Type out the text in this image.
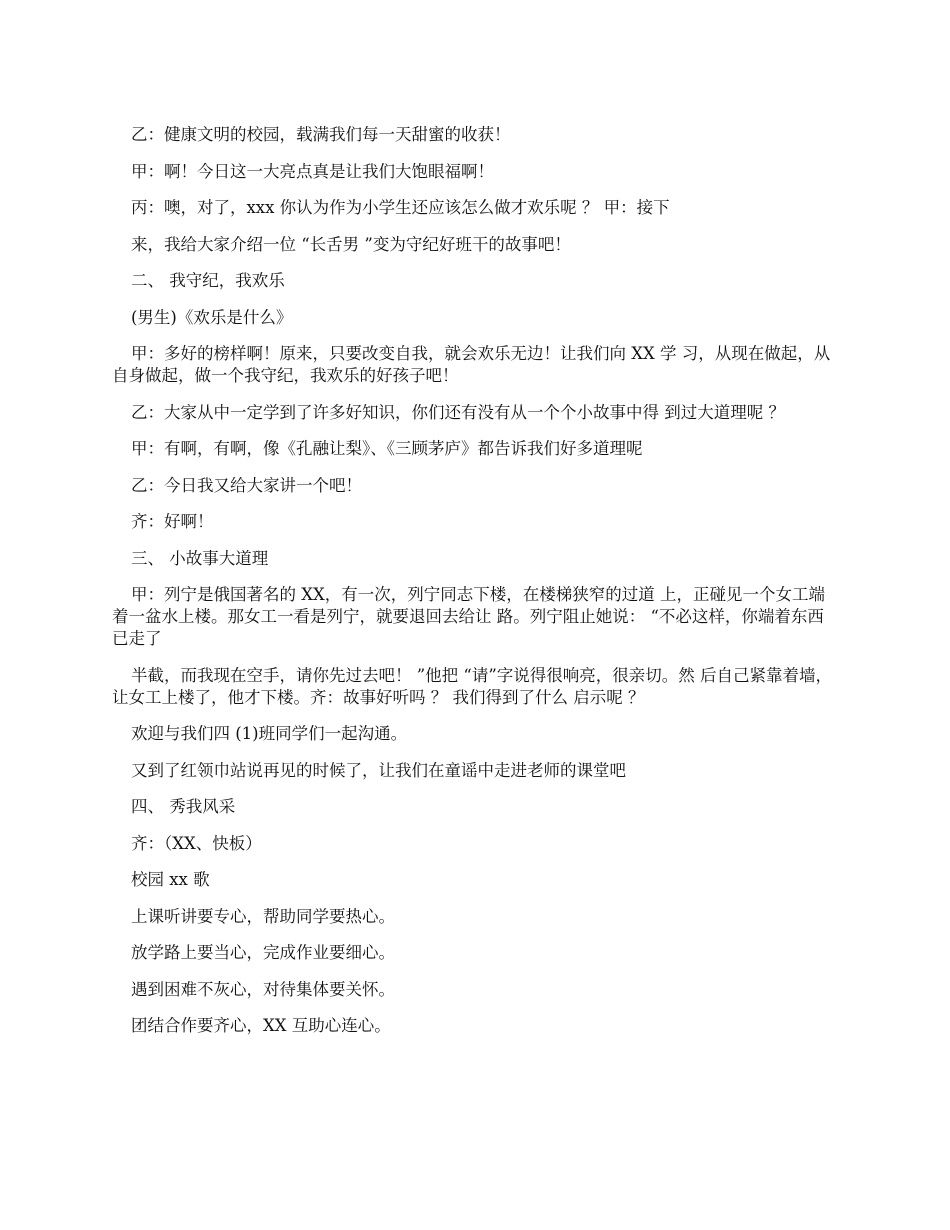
乙：健康文明的校园，载满我们每一天甜蜜的收获！

甲：啊！今日这一大亮点真是让我们大饱眼福啊！

丙：噢，对了，xxx 你认为作为小学生还应该怎么做才欢乐呢 ？ 甲：接下

来，我给大家介绍一位 “长舌男 ”变为守纪好班干的故事吧！

二、 我守纪，我欢乐

(男生)《欢乐是什么》

甲：多好的榜样啊！原来，只要改变自我，就会欢乐无边！让我们向 XX 学 习，从现在做起，从自身做起，做一个我守纪，我欢乐的好孩子吧！

乙：大家从中一定学到了许多好知识，你们还有没有从一个个小故事中得 到过大道理呢 ？

甲：有啊，有啊，像《孔融让梨》、《三顾茅庐》都告诉我们好多道理呢

乙：今日我又给大家讲一个吧！

齐：好啊！

三、 小故事大道理

甲：列宁是俄国著名的 XX，有一次，列宁同志下楼，在楼梯狭窄的过道 上，正碰见一个女工端着一盆水上楼。那女工一看是列宁，就要退回去给让 路。列宁阻止她说： “不必这样，你端着东西已走了

半截，而我现在空手，请你先过去吧！ ”他把 “请”字说得很响亮，很亲切。然 后自己紧靠着墙，让女工上楼了，他才下楼。齐：故事好听吗 ？ 我们得到了什么 启示呢 ？

欢迎与我们四 (1)班同学们一起沟通。

又到了红领巾站说再见的时候了，让我们在童谣中走进老师的课堂吧

四、 秀我风采

齐：（XX、快板）

校园 xx 歌

上课听讲要专心，帮助同学要热心。

放学路上要当心，完成作业要细心。

遇到困难不灰心，对待集体要关怀。

团结合作要齐心，XX 互助心连心。
